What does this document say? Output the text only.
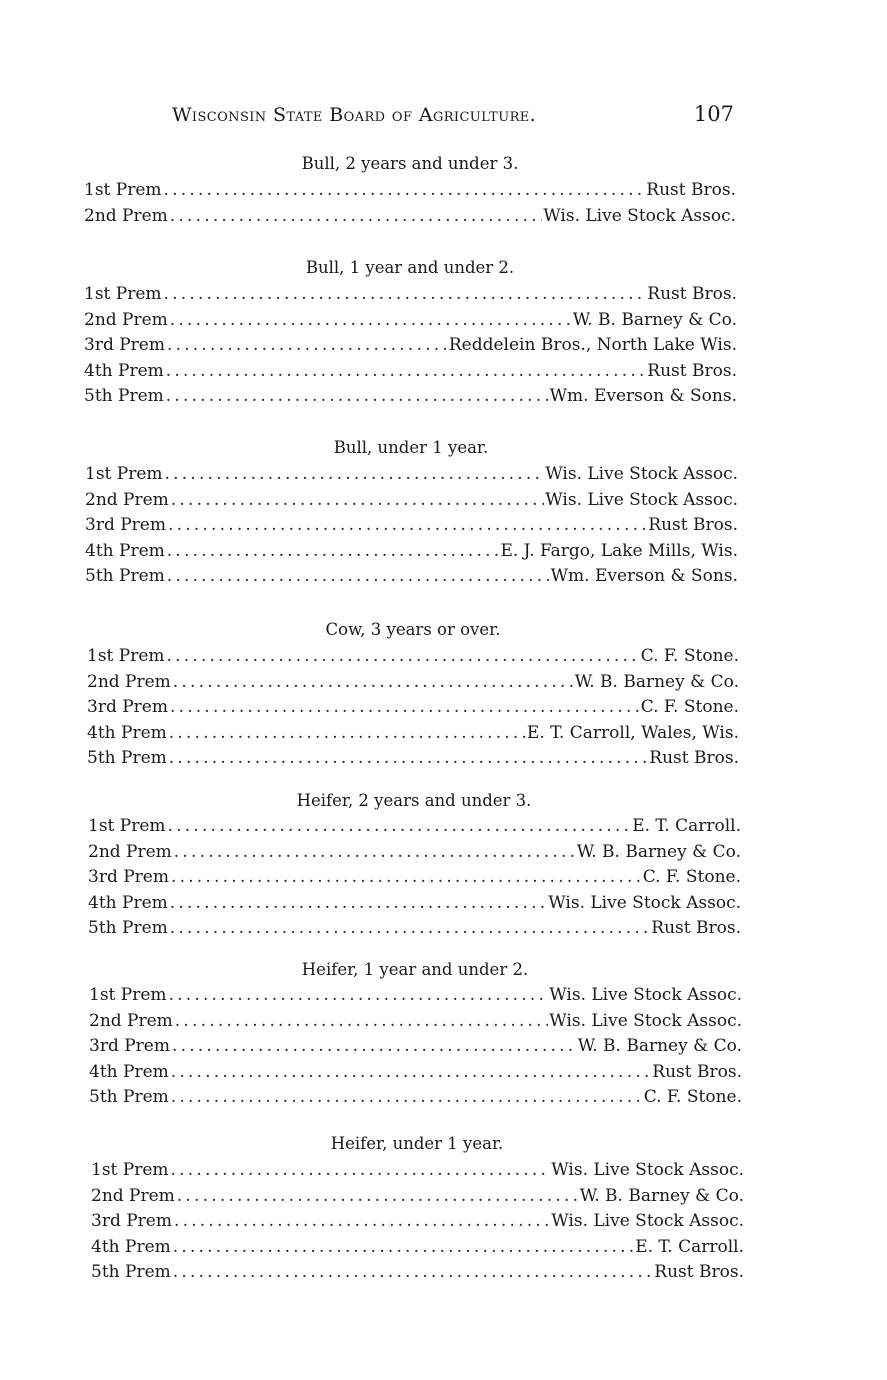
Wisconsin State Board of Agriculture.	107
Bull, 2 years and under 3.
1st Prem .....	Rust Bros.
2nd Prem .....	Wis. Live Stock Assoc.
Bull, 1 year and under 2.
1st Prem .....	Rust Bros.
2nd Prem .....	W. B. Barney & Co.
3rd Prem .....	Reddelein Bros., North Lake Wis.
4th Prem .....	Rust Bros.
5th Prem .....	Wm. Everson & Sons.
Bull, under 1 year.
1st Prem .....	Wis. Live Stock Assoc.
2nd Prem .....	Wis. Live Stock Assoc.
3rd Prem .....	Rust Bros.
4th Prem .....	E. J. Fargo, Lake Mills, Wis.
5th Prem .....	Wm. Everson & Sons.
Cow, 3 years or over.
1st Prem .....	C. F. Stone.
2nd Prem .....	W. B. Barney & Co.
3rd Prem .....	C. F. Stone.
4th Prem .....	E. T. Carroll, Wales, Wis.
5th Prem .....	Rust Bros.
Heifer, 2 years and under 3.
1st Prem .....	E. T. Carroll.
2nd Prem .....	W. B. Barney & Co.
3rd Prem .....	C. F. Stone.
4th Prem .....	Wis. Live Stock Assoc.
5th Prem .....	Rust Bros.
Heifer, 1 year and under 2.
1st Prem .....	Wis. Live Stock Assoc.
2nd Prem .....	Wis. Live Stock Assoc.
3rd Prem .....	W. B. Barney & Co.
4th Prem .....	Rust Bros.
5th Prem .....	C. F. Stone.
Heifer, under 1 year.
1st Prem .....	Wis. Live Stock Assoc.
2nd Prem .....	W. B. Barney & Co.
3rd Prem .....	Wis. Live Stock Assoc.
4th Prem .....	E. T. Carroll.
5th Prem .....	Rust Bros.
